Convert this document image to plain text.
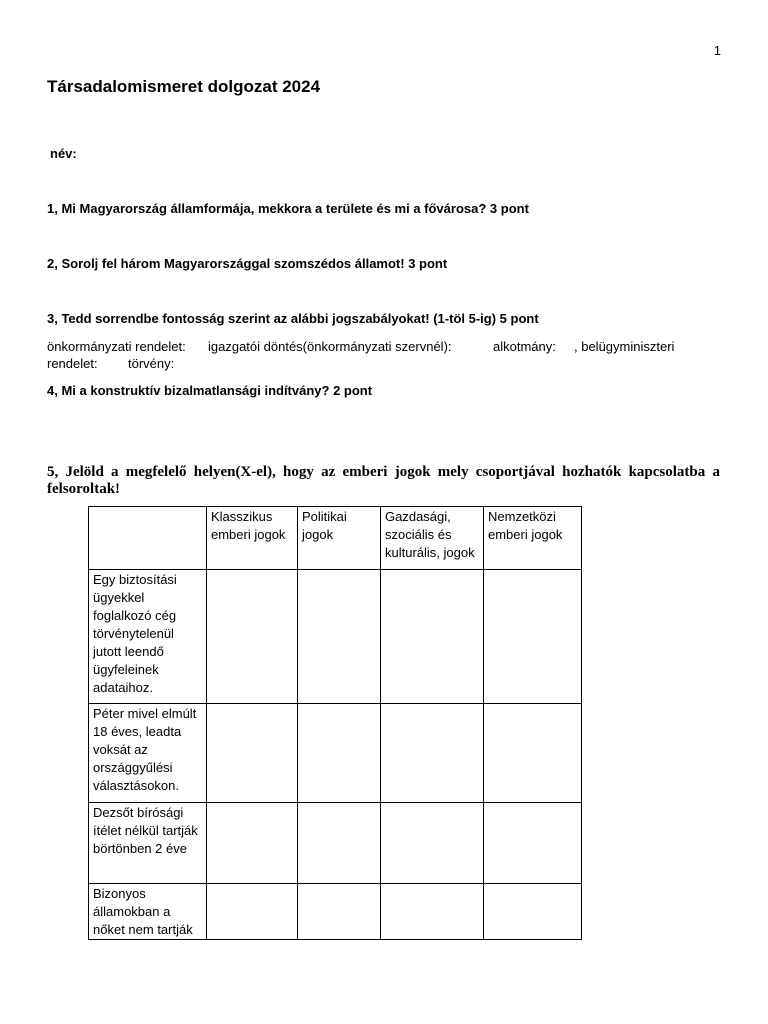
1
Társadalomismeret dolgozat 2024
név:
1, Mi Magyarország államformája, mekkora a területe és mi a fővárosa? 3 pont
2, Sorolj fel három Magyarországgal szomszédos államot! 3 pont
3, Tedd sorrendbe fontosság szerint az alábbi jogszabályokat! (1-töl 5-ig) 5 pont
önkormányzati rendelet: igazgatói döntés(önkormányzati szervnél):	alkotmány: , belügyminiszteri
rendelet: törvény:
4, Mi a konstruktív bizalmatlansági indítvány? 2 pont
5, Jelöld a megfelelő helyen(X-el), hogy az emberi jogok mely csoportjával hozhatók kapcsolatba a felsoroltak!
	Klasszikus emberi jogok	Politikai jogok	Gazdasági, szociális és kulturális, jogok	Nemzetközi emberi jogok
Egy biztosítási ügyekkel foglalkozó cég törvénytelenül jutott leendő ügyfeleinek adataihoz.				
Péter mivel elmúlt 18 éves, leadta voksát az országgyűlési választásokon.				
Dezsőt bírósági ítélet nélkül tartják börtönben 2 éve				

Bizonyos államokban a nőket nem tartják				
